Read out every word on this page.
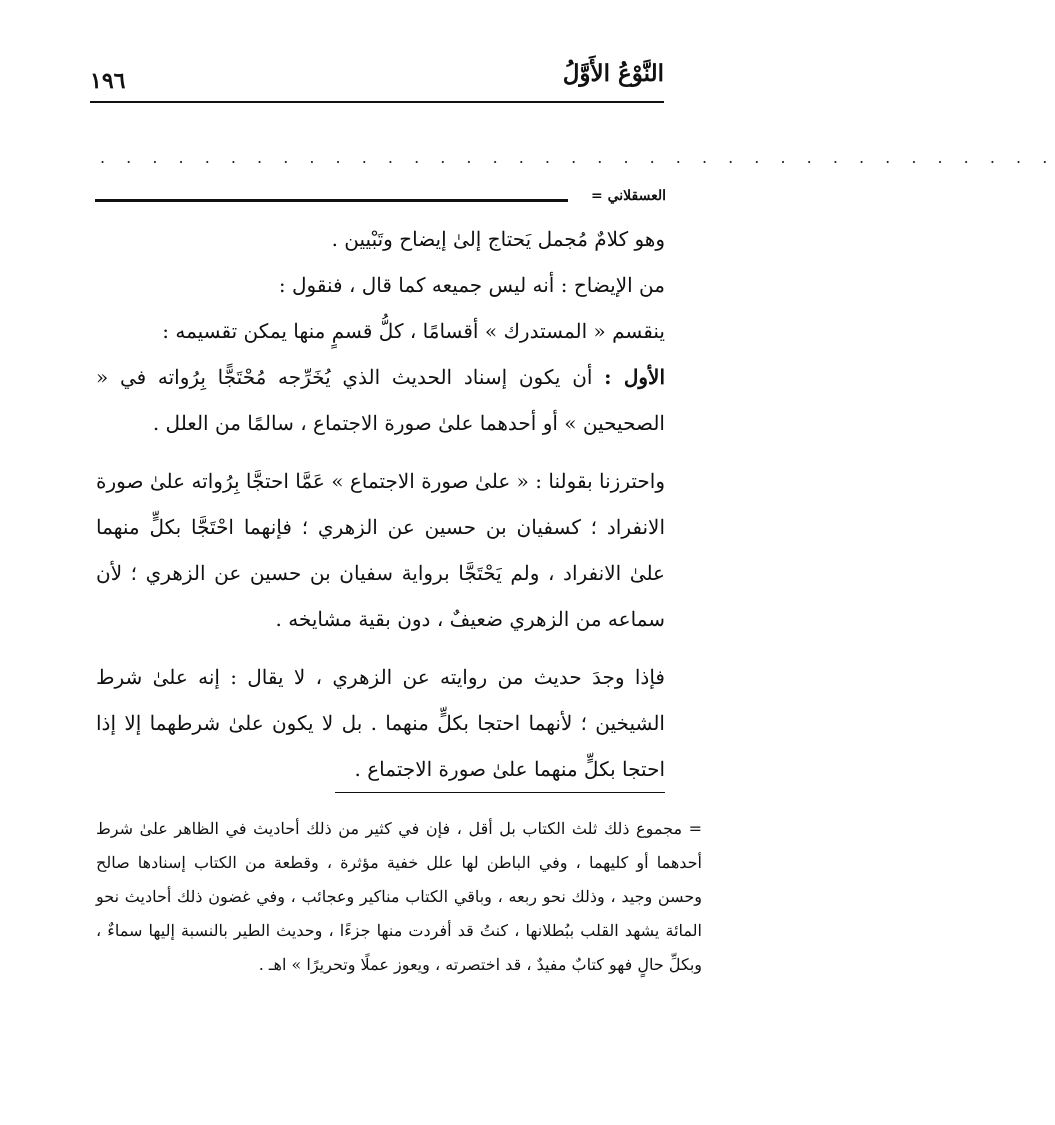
النَّوْعُ الأَوَّلُ
١٩٦
. . . . . . . . . . . . . . . . . . . . . . . . . . . . . . . . . . . . .
العسقلاني =

وهو كلامٌ مُجمل يَحتاج إلىٰ إيضاح وتَبْيين .

من الإيضاح : أنه ليس جميعه كما قال ، فنقول :

ينقسم « المستدرك » أقسامًا ، كلُّ قسمٍ منها يمكن تقسيمه :

الأول : أن يكون إسناد الحديث الذي يُخَرِّجه مُحْتَجًّا بِرُواته في « الصحيحين » أو أحدهما علىٰ صورة الاجتماع ، سالمًا من العلل .

واحترزنا بقولنا : « علىٰ صورة الاجتماع » عَمَّا احتجَّا بِرُواته علىٰ صورة الانفراد ؛ كسفيان بن حسين عن الزهري ؛ فإنهما احْتَجَّا بكلٍّ منهما علىٰ الانفراد ، ولم يَحْتَجَّا برواية سفيان بن حسين عن الزهري ؛ لأن سماعه من الزهري ضعيفٌ ، دون بقية مشايخه .

فإذا وجدَ حديث من روايته عن الزهري ، لا يقال : إنه علىٰ شرط الشيخين ؛ لأنهما احتجا بكلٍّ منهما . بل لا يكون علىٰ شرطهما إلا إذا احتجا بكلٍّ منهما علىٰ صورة الاجتماع .

= مجموع ذلك ثلث الكتاب بل أقل ، فإن في كثير من ذلك أحاديث في الظاهر علىٰ شرط أحدهما أو كليهما ، وفي الباطن لها علل خفية مؤثرة ، وقطعة من الكتاب إسنادها صالح وحسن وجيد ، وذلك نحو ربعه ، وباقي الكتاب مناكير وعجائب ، وفي غضون ذلك أحاديث نحو المائة يشهد القلب ببُطلانها ، كنتُ قد أفردت منها جزءًا ، وحديث الطير بالنسبة إليها سماءٌ ، وبكلِّ حالٍ فهو كتابٌ مفيدٌ ، قد اختصرته ، ويعوز عملًا وتحريرًا » اهـ .
